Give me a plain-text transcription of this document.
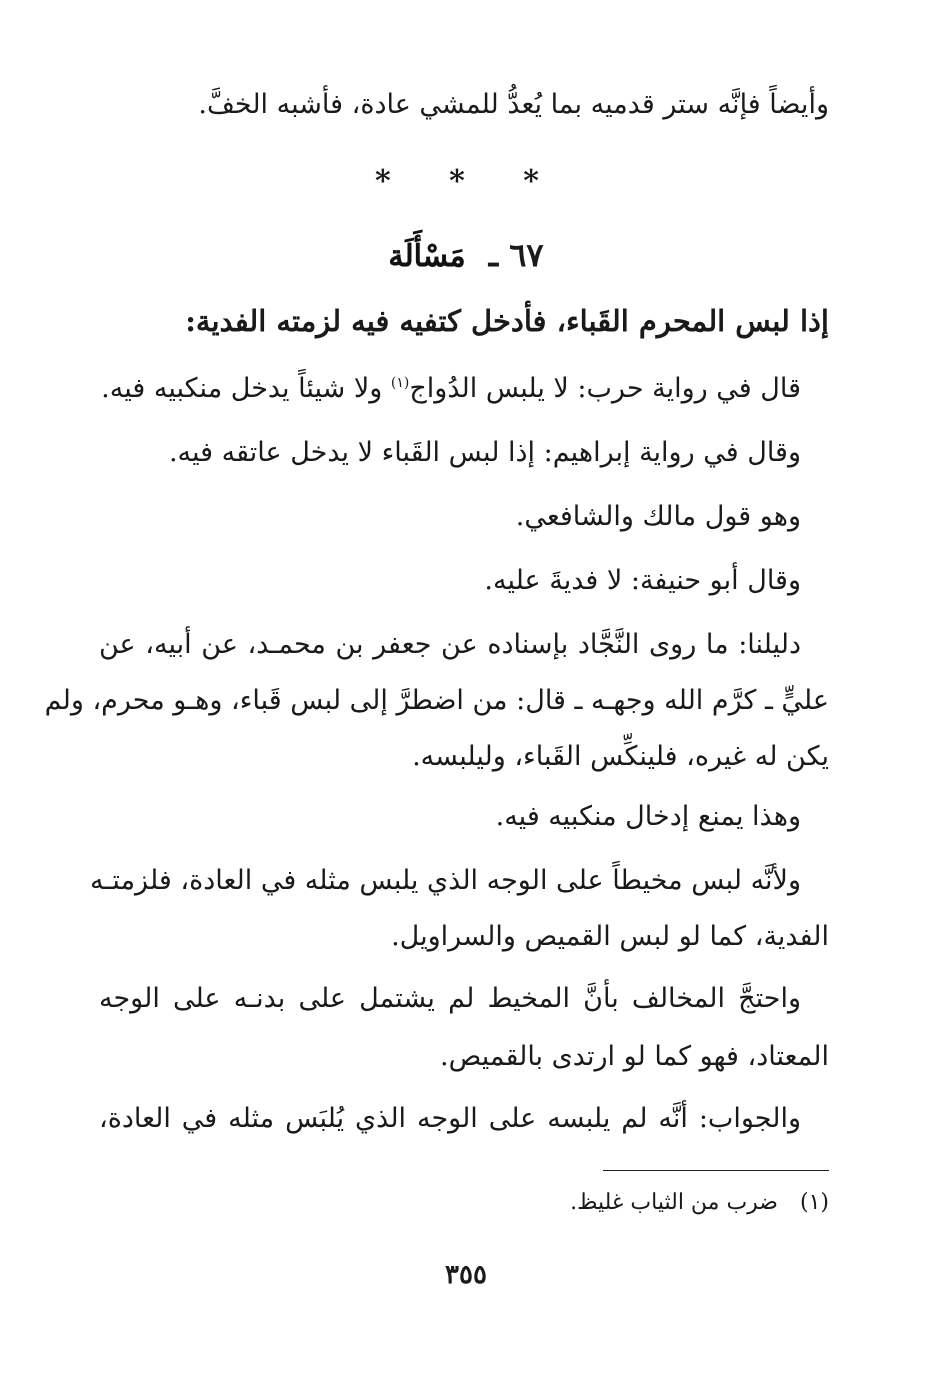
وأيضاً فإنَّه ستر قدميه بما يُعدُّ للمشي عادة، فأشبه الخفَّ.
* * *
٦٧ ـ مَسْأَلَة
إذا لبس المحرم القَباء، فأدخل كتفيه فيه لزمته الفدية:
قال في رواية حرب: لا يلبس الدُواج$^{(١)}$ ولا شيئاً يدخل منكبيه فيه.
وقال في رواية إبراهيم: إذا لبس القَباء لا يدخل عاتقه فيه.
وهو قول مالك والشافعي.
وقال أبو حنيفة: لا فديةَ عليه.
دليلنا: ما روى النَّجَّاد بإسناده عن جعفر بن محمـد، عن أبيه، عن
عليٍّ ـ كرَّم الله وجهـه ـ قال: من اضطرَّ إلى لبس قَباء، وهـو محرم، ولم
يكن له غيره، فلينكِّس القَباء، وليلبسه.
وهذا يمنع إدخال منكبيه فيه.
ولأنَّه لبس مخيطاً على الوجه الذي يلبس مثله في العادة، فلزمتـه
الفدية، كما لو لبس القميص والسراويل.
واحتجَّ المخالف بأنَّ المخيط لم يشتمل على بدنـه على الوجه
المعتاد، فهو كما لو ارتدى بالقميص.
والجواب: أنَّه لم يلبسه على الوجه الذي يُلبَس مثله في العادة،
(١)ضرب من الثياب غليظ.
٣٥٥
